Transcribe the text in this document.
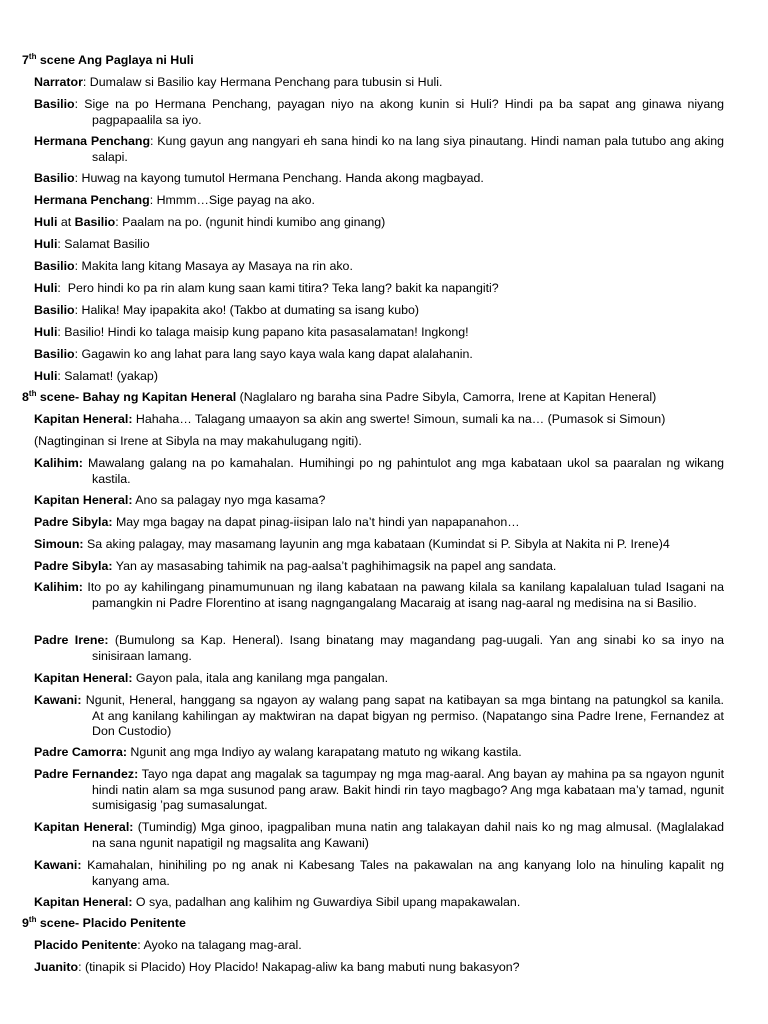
7th scene Ang Paglaya ni Huli
Narrator: Dumalaw si Basilio kay Hermana Penchang para tubusin si Huli.
Basilio: Sige na po Hermana Penchang, payagan niyo na akong kunin si Huli? Hindi pa ba sapat ang ginawa niyang pagpapaalila sa iyo.
Hermana Penchang: Kung gayun ang nangyari eh sana hindi ko na lang siya pinautang. Hindi naman pala tutubo ang aking salapi.
Basilio: Huwag na kayong tumutol Hermana Penchang. Handa akong magbayad.
Hermana Penchang: Hmmm…Sige payag na ako.
Huli at Basilio: Paalam na po. (ngunit hindi kumibo ang ginang)
Huli: Salamat Basilio
Basilio: Makita lang kitang Masaya ay Masaya na rin ako.
Huli:  Pero hindi ko pa rin alam kung saan kami titira? Teka lang? bakit ka napangiti?
Basilio: Halika! May ipapakita ako! (Takbo at dumating sa isang kubo)
Huli: Basilio! Hindi ko talaga maisip kung papano kita pasasalamatan! Ingkong!
Basilio: Gagawin ko ang lahat para lang sayo kaya wala kang dapat alalahanin.
Huli: Salamat! (yakap)
8th scene- Bahay ng Kapitan Heneral (Naglalaro ng baraha sina Padre Sibyla, Camorra, Irene at Kapitan Heneral)
Kapitan Heneral: Hahaha… Talagang umaayon sa akin ang swerte! Simoun, sumali ka na… (Pumasok si Simoun)
(Nagtinginan si Irene at Sibyla na may makahulugang ngiti).
Kalihim: Mawalang galang na po kamahalan. Humihingi po ng pahintulot ang mga kabataan ukol sa paaralan ng wikang kastila.
Kapitan Heneral: Ano sa palagay nyo mga kasama?
Padre Sibyla: May mga bagay na dapat pinag-iisipan lalo na’t hindi yan napapanahon…
Simoun: Sa aking palagay, may masamang layunin ang mga kabataan (Kumindat si P. Sibyla at Nakita ni P. Irene)4
Padre Sibyla: Yan ay masasabing tahimik na pag-aalsa’t paghihimagsik na papel ang sandata.
Kalihim: Ito po ay kahilingang pinamumunuan ng ilang kabataan na pawang kilala sa kanilang kapalaluan tulad Isagani na pamangkin ni Padre Florentino at isang nagngangalang Macaraig at isang nag-aaral ng medisina na si Basilio.
Padre Irene: (Bumulong sa Kap. Heneral). Isang binatang may magandang pag-uugali. Yan ang sinabi ko sa inyo na sinisiraan lamang.
Kapitan Heneral: Gayon pala, itala ang kanilang mga pangalan.
Kawani: Ngunit, Heneral, hanggang sa ngayon ay walang pang sapat na katibayan sa mga bintang na patungkol sa kanila. At ang kanilang kahilingan ay maktwiran na dapat bigyan ng permiso. (Napatango sina Padre Irene, Fernandez at Don Custodio)
Padre Camorra: Ngunit ang mga Indiyo ay walang karapatang matuto ng wikang kastila.
Padre Fernandez: Tayo nga dapat ang magalak sa tagumpay ng mga mag-aaral. Ang bayan ay mahina pa sa ngayon ngunit hindi natin alam sa mga susunod pang araw. Bakit hindi rin tayo magbago? Ang mga kabataan ma’y tamad, ngunit sumisigasig ’pag sumasalungat.
Kapitan Heneral: (Tumindig) Mga ginoo, ipagpaliban muna natin ang talakayan dahil nais ko ng mag almusal. (Maglalakad na sana ngunit napatigil ng magsalita ang Kawani)
Kawani: Kamahalan, hinihiling po ng anak ni Kabesang Tales na pakawalan na ang kanyang lolo na hinuling kapalit ng kanyang ama.
Kapitan Heneral: O sya, padalhan ang kalihim ng Guwardiya Sibil upang mapakawalan.
9th scene- Placido Penitente
Placido Penitente: Ayoko na talagang mag-aral.
Juanito: (tinapik si Placido) Hoy Placido! Nakapag-aliw ka bang mabuti nung bakasyon?
